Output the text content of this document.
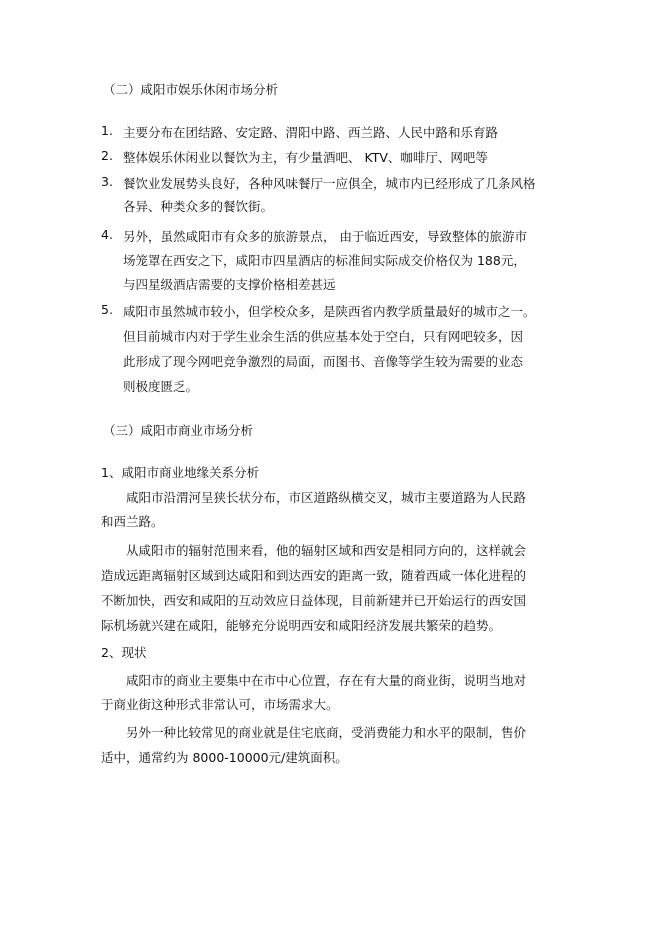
（二）咸阳市娱乐休闲市场分析
1. 主要分布在团结路、安定路、渭阳中路、西兰路、人民中路和乐育路
2. 整体娱乐休闲业以餐饮为主，有少量酒吧、 KTV、咖啡厅、网吧等
3. 餐饮业发展势头良好，各种风味餐厅一应俱全，城市内已经形成了几条风格
各异、种类众多的餐饮街。
4. 另外，虽然咸阳市有众多的旅游景点， 由于临近西安，导致整体的旅游市
场笼罩在西安之下，咸阳市四星酒店的标准间实际成交价格仅为 188元，
与四星级酒店需要的支撑价格相差甚远
5. 咸阳市虽然城市较小，但学校众多，是陕西省内教学质量最好的城市之一。
但目前城市内对于学生业余生活的供应基本处于空白，只有网吧较多，因
此形成了现今网吧竞争激烈的局面，而图书、音像等学生较为需要的业态
则极度匮乏。
（三）咸阳市商业市场分析
1、咸阳市商业地缘关系分析
咸阳市沿渭河呈狭长状分布，市区道路纵横交叉，城市主要道路为人民路
和西兰路。
从咸阳市的辐射范围来看，他的辐射区域和西安是相同方向的，这样就会
造成远距离辐射区域到达咸阳和到达西安的距离一致，随着西咸一体化进程的
不断加快，西安和咸阳的互动效应日益体现，目前新建并已开始运行的西安国
际机场就兴建在咸阳，能够充分说明西安和咸阳经济发展共繁荣的趋势。
2、现状
咸阳市的商业主要集中在市中心位置，存在有大量的商业街，说明当地对
于商业街这种形式非常认可，市场需求大。
另外一种比较常见的商业就是住宅底商，受消费能力和水平的限制，售价
适中，通常约为 8000-10000元/建筑面积。
